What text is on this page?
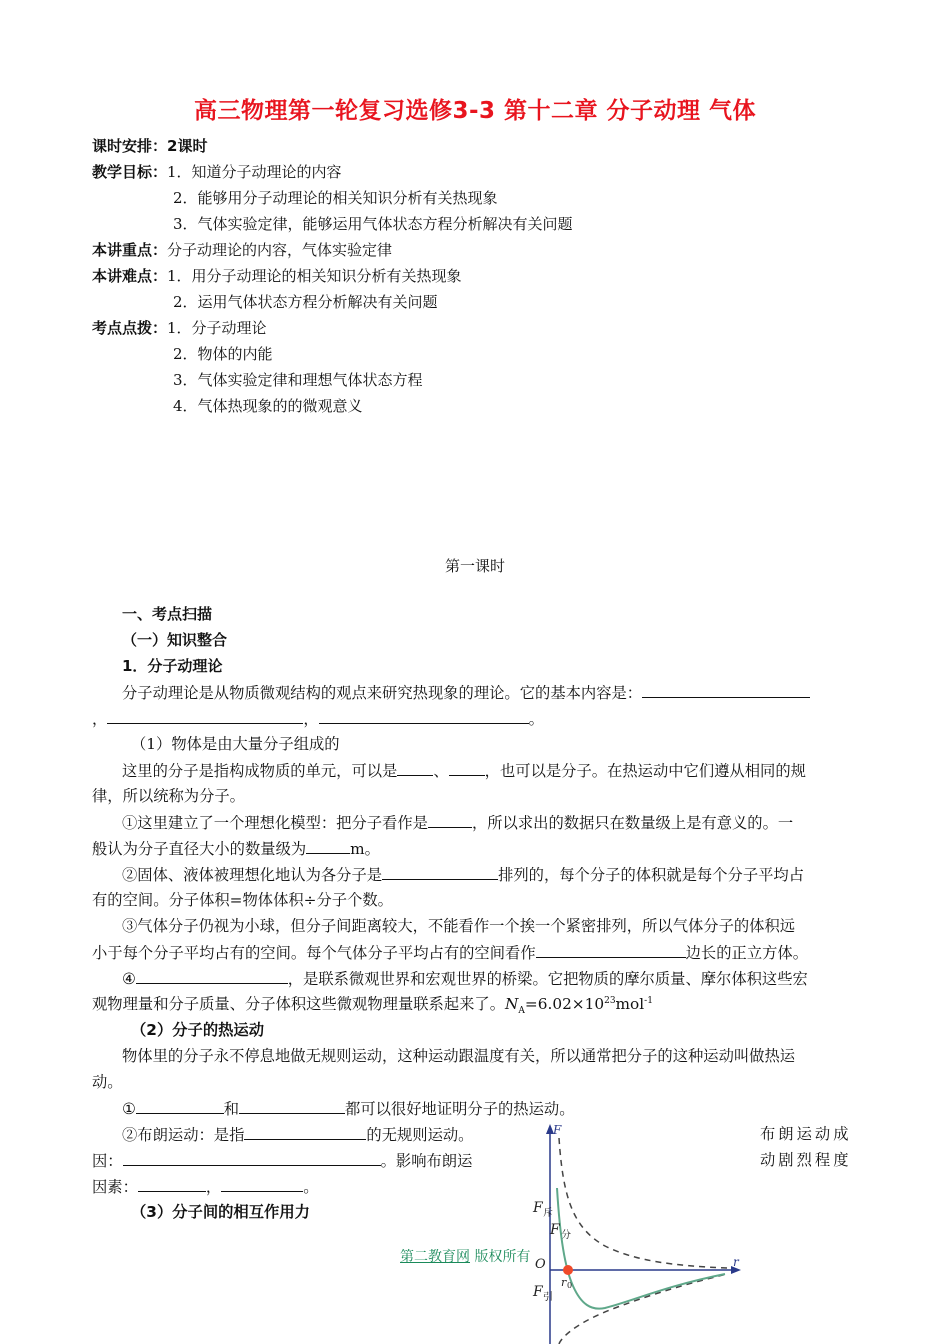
高三物理第一轮复习选修3-3 第十二章 分子动理 气体
课时安排：2课时
教学目标：1．知道分子动理论的内容
2．能够用分子动理论的相关知识分析有关热现象
3．气体实验定律，能够运用气体状态方程分析解决有关问题
本讲重点：分子动理论的内容，气体实验定律
本讲难点：1．用分子动理论的相关知识分析有关热现象
2．运用气体状态方程分析解决有关问题
考点点拨：1．分子动理论
2．物体的内能
3．气体实验定律和理想气体状态方程
4．气体热现象的的微观意义
第一课时
一、考点扫描
（一）知识整合
1．分子动理论
分子动理论是从物质微观结构的观点来研究热现象的理论。它的基本内容是：
，	，	。
（1）物体是由大量分子组成的
这里的分子是指构成物质的单元，可以是 、 ，也可以是分子。在热运动中它们遵从相同的规
律，所以统称为分子。
①这里建立了一个理想化模型：把分子看作是	，所以求出的数据只在数量级上是有意义的。一
般认为分子直径大小的数量级为	m。
②固体、液体被理想化地认为各分子是	排列的，每个分子的体积就是每个分子平均占
有的空间。分子体积=物体体积÷分子个数。
③气体分子仍视为小球，但分子间距离较大，不能看作一个挨一个紧密排列，所以气体分子的体积远
小于每个分子平均占有的空间。每个气体分子平均占有的空间看作	边长的正立方体。
④	，是联系微观世界和宏观世界的桥梁。它把物质的摩尔质量、摩尔体积这些宏
观物理量和分子质量、分子体积这些微观物理量联系起来了。$N_A=6.02\times 10^{23}mol^{-1}$
（2）分子的热运动
物体里的分子永不停息地做无规则运动，这种运动跟温度有关，所以通常把分子的这种运动叫做热运
动。
①	和	都可以很好地证明分子的热运动。
②布朗运动：是指	的无规则运动。	布朗运动成
因：	。影响布朗运	动剧烈程度
因素：	，	。
（3）分子间的相互作用力
F
r
O
F 斥
F 分
r 0
F 引
第二教育网 版权所有
